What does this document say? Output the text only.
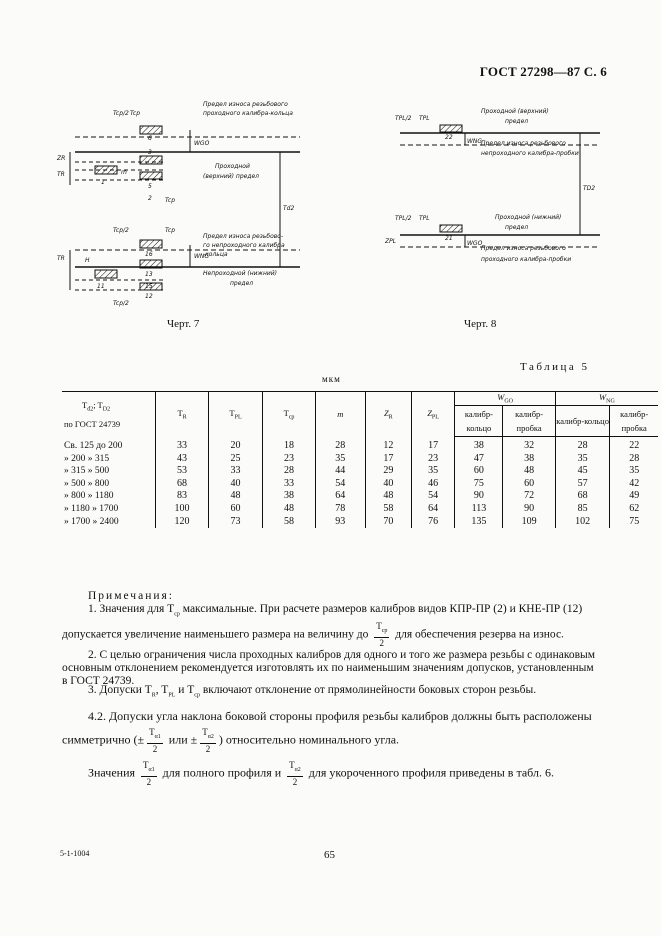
ГОСТ 27298—87 С. 6
Предел износа резьбового
проходного калибра-кольца
Проходной
(верхний) предел
Предел износа резьбово-
го непроходного калибра
-кольца
Непроходной (нижний)
предел
Td2
WGO
WNG
6
3
1
5
2
16
13
11	15
12
m
ZR
TR
TR	H
Tcp/2 Tcp
Tcp
Tcp/2	Tcp
Tcp/2
Черт. 7
Проходной (верхний)
предел
Предел износа резьбового
непроходного калибра-пробки
Проходной (нижний)
предел
Предел износа резьбового
проходного калибра-пробки
TD2
22
21
WNG
WGO
TPL/2 TPL
TPL/2 TPL
ZPL
Черт. 8
Таблица 5
мкм
$T_{d2}$; $T_{D2}$
по ГОСТ 24739	$T_R$	$T_{PL}$	$T_{cp}$	m	$Z_R$	$Z_{PL}$	$W_{GO}$		$W_{NG}$
							калибр-кольцо	калибр-пробка	калибр-кольцо	калибр-пробка
Св. 125 до 200	33	20	18	28	12	17	38	32	28	22
» 200 » 315	43	25	23	35	17	23	47	38	35	28
» 315 » 500	53	33	28	44	29	35	60	48	45	35
» 500 » 800	68	40	33	54	40	46	75	60	57	42
» 800 » 1180	83	48	38	64	48	54	90	72	68	49
» 1180 » 1700	100	60	48	78	58	64	113	90	85	62
» 1700 » 2400	120	73	58	93	70	76	135	109	102	75
Примечания:
1. Значения для $T_{cp}$ максимальные. При расчете размеров калибров видов КПР-ПР (2) и КНЕ-ПР (12)
допускается увеличение наименьшего размера на величину до $\frac{T_{cp}}{2}$ для обеспечения резерва на износ.
2. С целью ограничения числа проходных калибров для одного и того же размера резьбы с одинаковым
основным отклонением рекомендуется изготовлять их по наименьшим значениям допусков, установленным
в ГОСТ 24739.
3. Допуски $T_R$, $T_{PL}$ и $T_{cp}$ включают отклонение от прямолинейности боковых сторон резьбы.
4.2. Допуски угла наклона боковой стороны профиля резьбы калибров должны быть расположены
симметрично (± $\frac{T_{\alpha 1}}{2}$ или ± $\frac{T_{\alpha 2}}{2}$ ) относительно номинального угла.
Значения $\frac{T_{\alpha 1}}{2}$ для полного профиля и $\frac{T_{\alpha 2}}{2}$ для укороченного профиля приведены в табл. 6.
5-1-1004	65
